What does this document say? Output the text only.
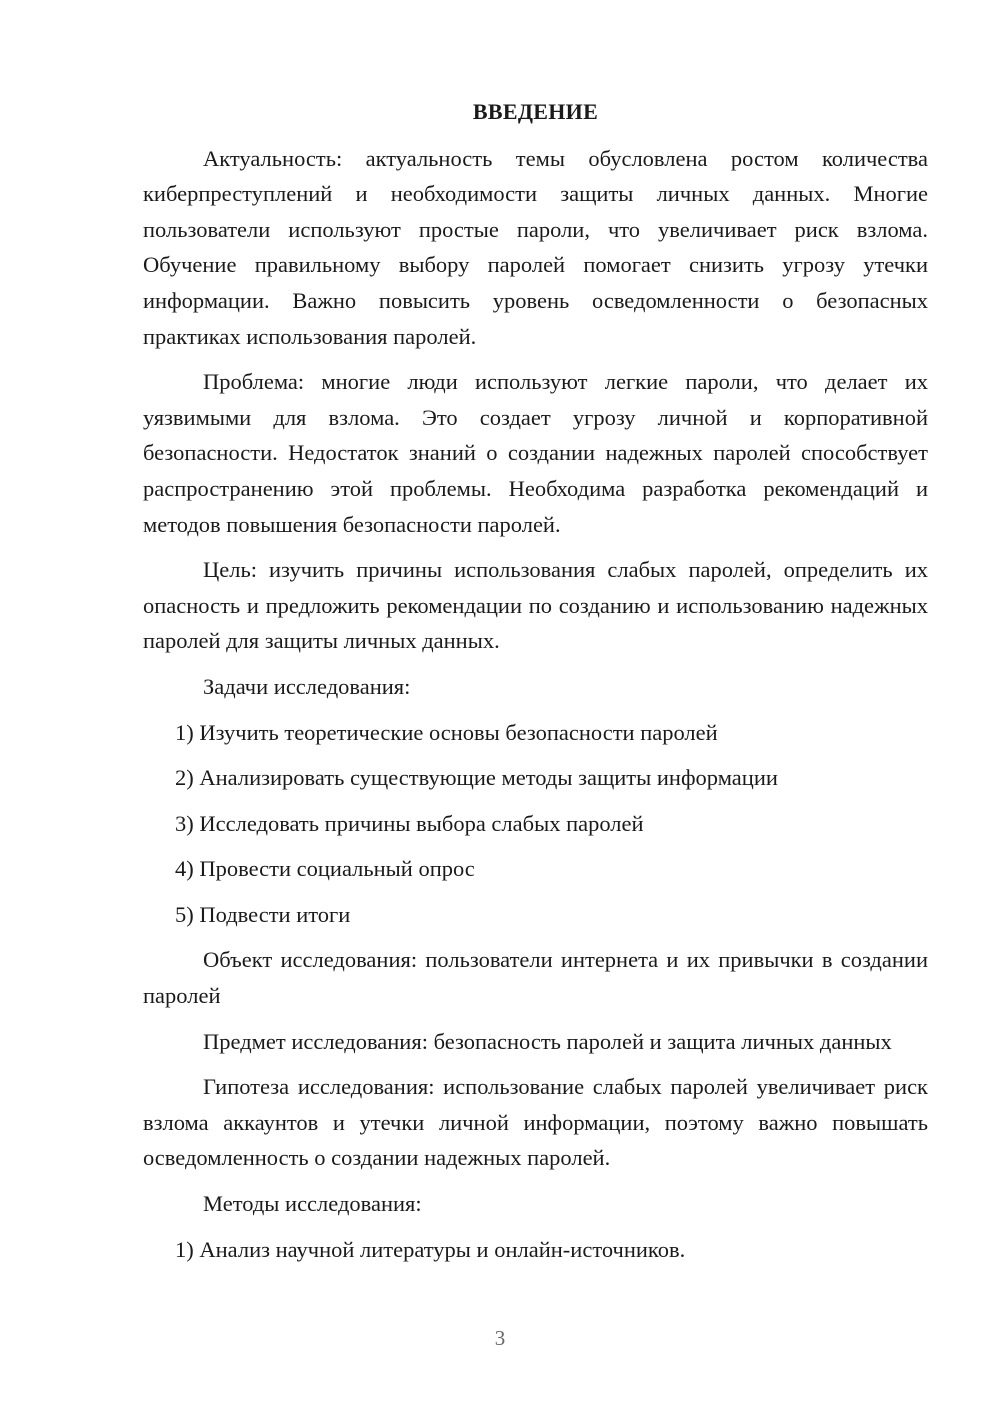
ВВЕДЕНИЕ

Актуальность: актуальность темы обусловлена ростом количества киберпреступлений и необходимости защиты личных данных. Многие пользователи используют простые пароли, что увеличивает риск взлома. Обучение правильному выбору паролей помогает снизить угрозу утечки информации. Важно повысить уровень осведомленности о безопасных практиках использования паролей.

Проблема: многие люди используют легкие пароли, что делает их уязвимыми для взлома. Это создает угрозу личной и корпоративной безопасности. Недостаток знаний о создании надежных паролей способствует распространению этой проблемы. Необходима разработка рекомендаций и методов повышения безопасности паролей.

Цель: изучить причины использования слабых паролей, определить их опасность и предложить рекомендации по созданию и использованию надежных паролей для защиты личных данных.

Задачи исследования:

1) Изучить теоретические основы безопасности паролей

2) Анализировать существующие методы защиты информации

3) Исследовать причины выбора слабых паролей

4) Провести социальный опрос

5) Подвести итоги

Объект исследования: пользователи интернета и их привычки в создании паролей

Предмет исследования: безопасность паролей и защита личных данных

Гипотеза исследования: использование слабых паролей увеличивает риск взлома аккаунтов и утечки личной информации, поэтому важно повышать осведомленность о создании надежных паролей.

Методы исследования:

1) Анализ научной литературы и онлайн-источников.

3
